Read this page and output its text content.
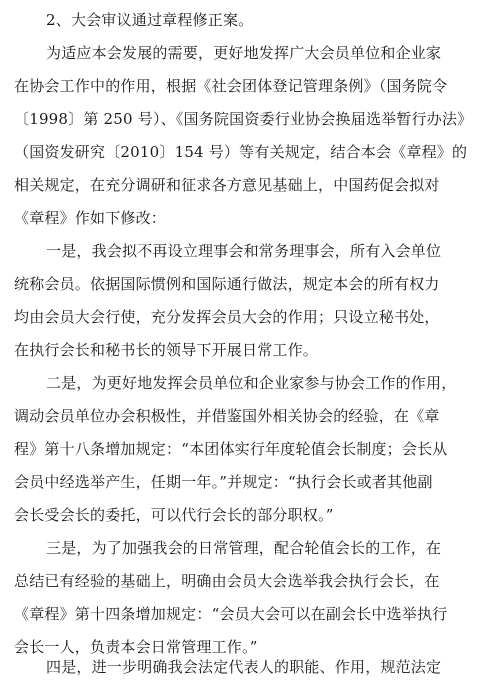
2、大会审议通过章程修正案。
为适应本会发展的需要，更好地发挥广大会员单位和企业家
在协会工作中的作用，根据《社会团体登记管理条例》（国务院令
〔1998〕第 250 号）、《国务院国资委行业协会换届选举暂行办法》
（国资发研究〔2010〕154 号）等有关规定，结合本会《章程》的
相关规定，在充分调研和征求各方意见基础上，中国药促会拟对
《章程》作如下修改：
一是，我会拟不再设立理事会和常务理事会，所有入会单位
统称会员。依据国际惯例和国际通行做法，规定本会的所有权力
均由会员大会行使，充分发挥会员大会的作用；只设立秘书处，
在执行会长和秘书长的领导下开展日常工作。
二是，为更好地发挥会员单位和企业家参与协会工作的作用，
调动会员单位办会积极性，并借鉴国外相关协会的经验，在《章
程》第十八条增加规定：“本团体实行年度轮值会长制度；会长从
会员中经选举产生，任期一年。”并规定：“执行会长或者其他副
会长受会长的委托，可以代行会长的部分职权。”
三是，为了加强我会的日常管理，配合轮值会长的工作，在
总结已有经验的基础上，明确由会员大会选举我会执行会长，在
《章程》第十四条增加规定：“会员大会可以在副会长中选举执行
会长一人，负责本会日常管理工作。”
四是，进一步明确我会法定代表人的职能、作用，规范法定
